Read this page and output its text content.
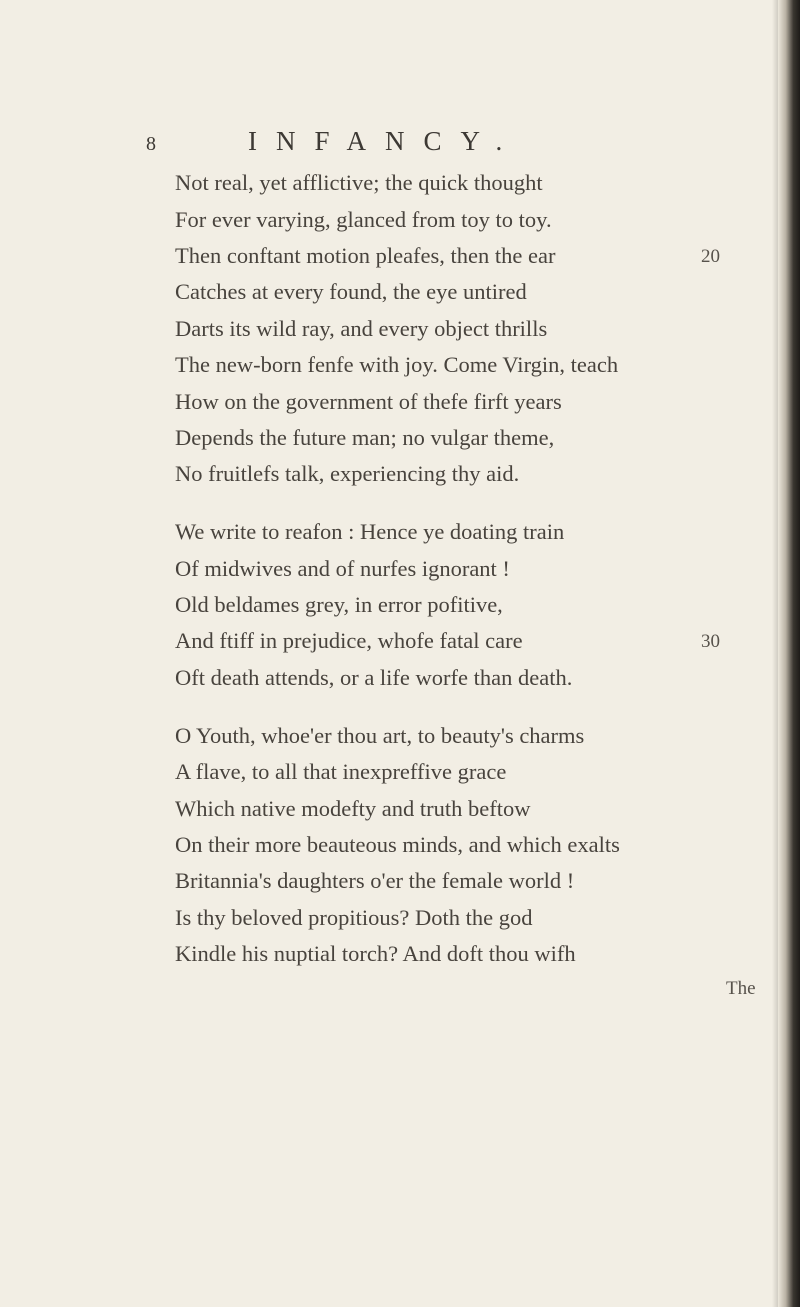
8	INFANCY.
Not real, yet afflictive; the quick thought
For ever varying, glanced from toy to toy.
Then conftant motion pleafes, then the ear
Catches at every found, the eye untired
Darts its wild ray, and every object thrills
The new-born fenfe with joy. Come Virgin, teach
How on the government of thefe firft years
Depends the future man; no vulgar theme,
No fruitlefs talk, experiencing thy aid.
We write to reafon : Hence ye doating train
Of midwives and of nurfes ignorant !
Old beldames grey, in error pofitive,
And ftiff in prejudice, whofe fatal care
Oft death attends, or a life worfe than death.
O Youth, whoe'er thou art, to beauty's charms
A flave, to all that inexpreffive grace
Which native modefty and truth beftow
On their more beauteous minds, and which exalts
Britannia's daughters o'er the female world !
Is thy beloved propitious? Doth the god
Kindle his nuptial torch? And doft thou wifh
20
30
The
